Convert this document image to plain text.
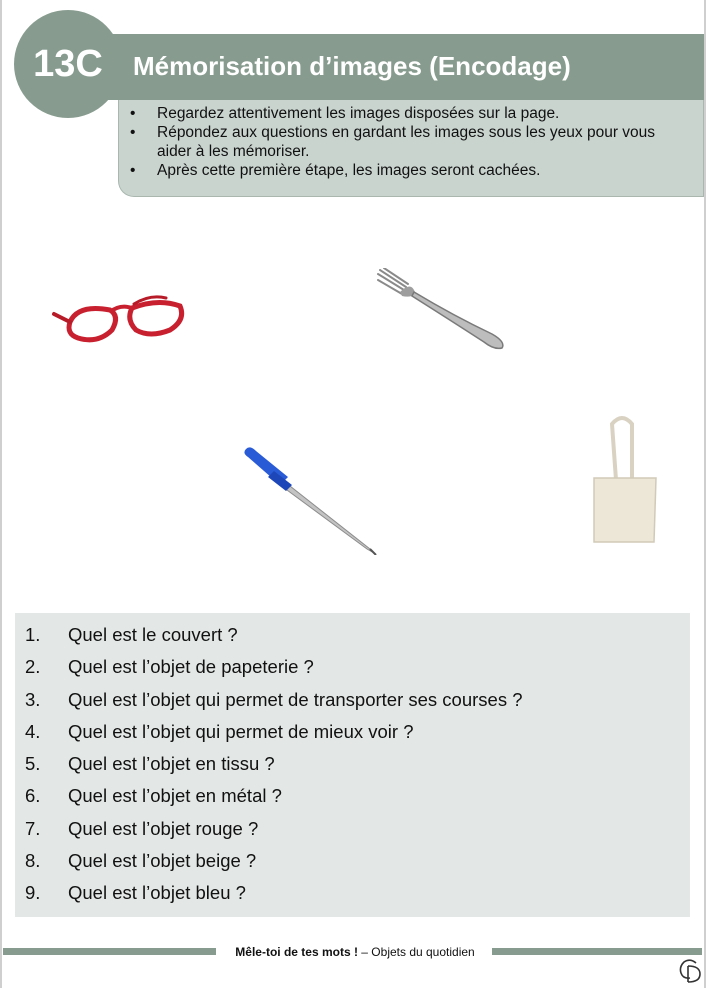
13C	Mémorisation d’images (Encodage)
• Regardez attentivement les images disposées sur la page.
• Répondez aux questions en gardant les images sous les yeux pour vous aider à les mémoriser.
• Après cette première étape, les images seront cachées.
1. Quel est le couvert ?
2. Quel est l’objet de papeterie ?
3. Quel est l’objet qui permet de transporter ses courses ?
4. Quel est l’objet qui permet de mieux voir ?
5. Quel est l’objet en tissu ?
6. Quel est l’objet en métal ?
7. Quel est l’objet rouge ?
8. Quel est l’objet beige ?
9. Quel est l’objet bleu ?
Mêle-toi de tes mots ! – Objets du quotidien
